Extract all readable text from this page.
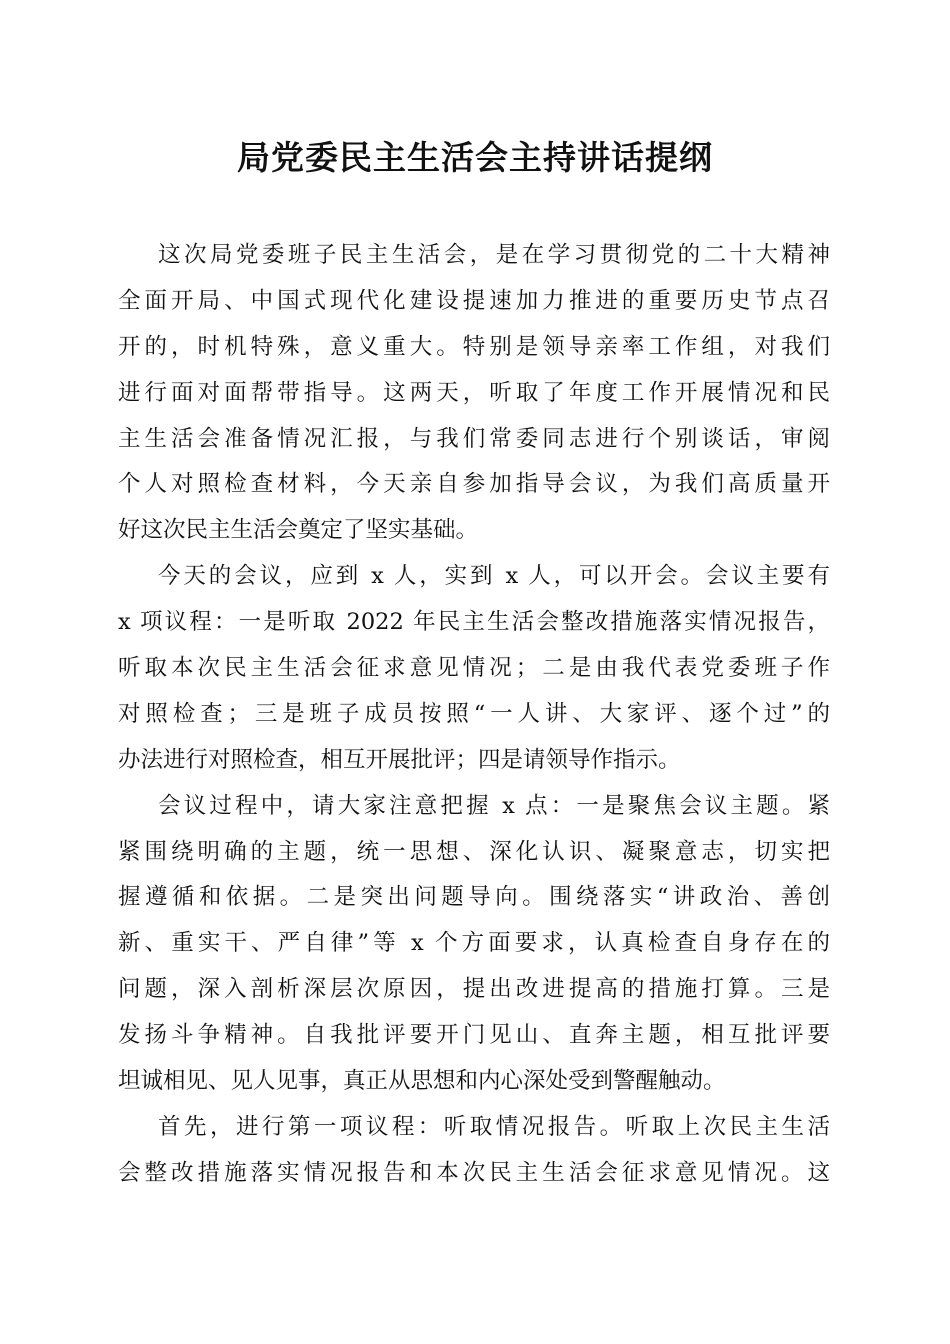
局党委民主生活会主持讲话提纲
这次局党委班子民主生活会，是在学习贯彻党的二十大精神
全面开局、中国式现代化建设提速加力推进的重要历史节点召
开的，时机特殊，意义重大。特别是领导亲率工作组，对我们
进行面对面帮带指导。这两天，听取了年度工作开展情况和民
主生活会准备情况汇报，与我们常委同志进行个别谈话，审阅
个人对照检查材料，今天亲自参加指导会议，为我们高质量开
好这次民主生活会奠定了坚实基础。
今天的会议，应到 x 人，实到 x 人，可以开会。会议主要有
x 项议程：一是听取 2022 年民主生活会整改措施落实情况报告，
听取本次民主生活会征求意见情况；二是由我代表党委班子作
对照检查；三是班子成员按照“一人讲、大家评、逐个过”的
办法进行对照检查，相互开展批评；四是请领导作指示。
会议过程中，请大家注意把握 x 点：一是聚焦会议主题。紧
紧围绕明确的主题，统一思想、深化认识、凝聚意志，切实把
握遵循和依据。二是突出问题导向。围绕落实“讲政治、善创
新、重实干、严自律”等 x 个方面要求，认真检查自身存在的
问题，深入剖析深层次原因，提出改进提高的措施打算。三是
发扬斗争精神。自我批评要开门见山、直奔主题，相互批评要
坦诚相见、见人见事，真正从思想和内心深处受到警醒触动。
首先，进行第一项议程：听取情况报告。听取上次民主生活
会整改措施落实情况报告和本次民主生活会征求意见情况。这
